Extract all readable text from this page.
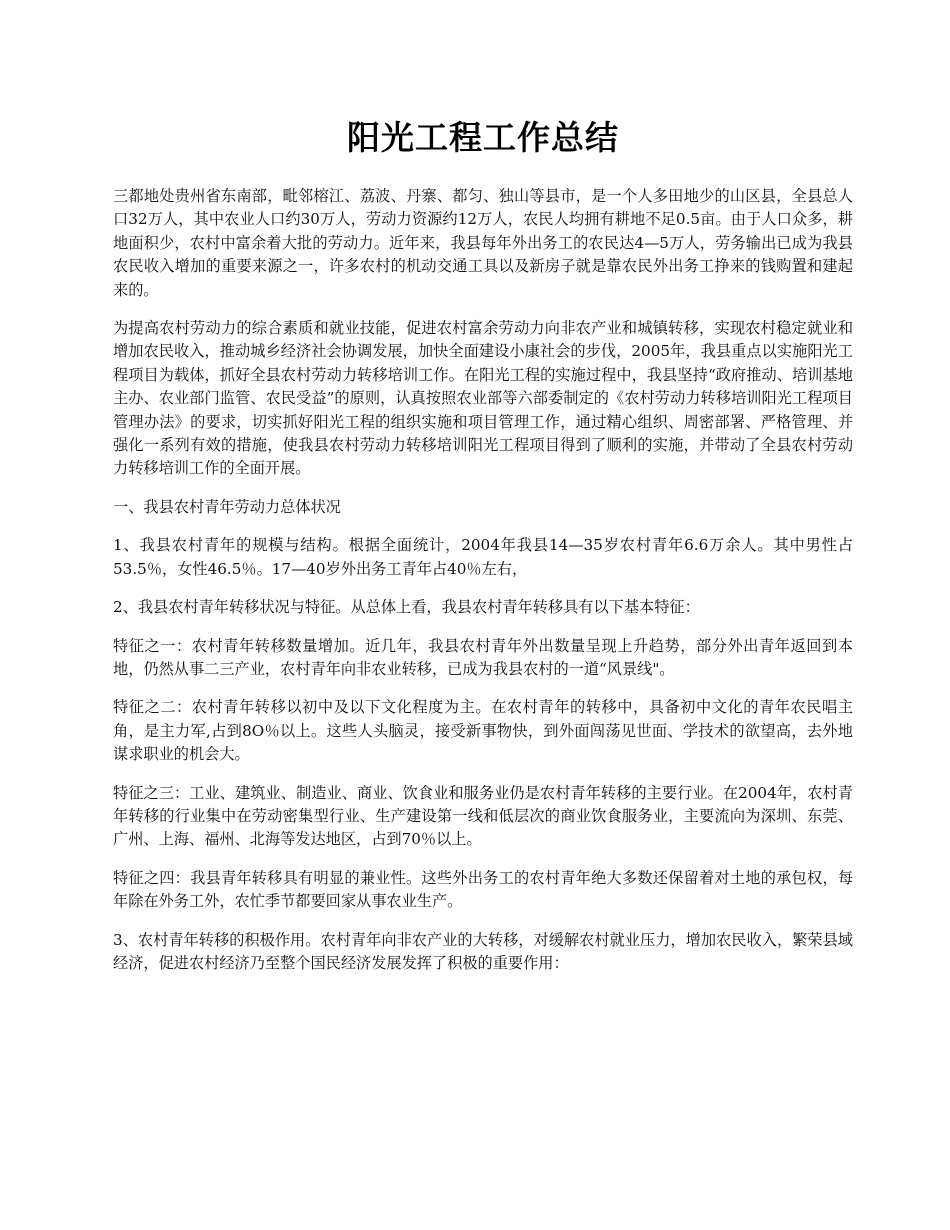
阳光工程工作总结

三都地处贵州省东南部，毗邻榕江、荔波、丹寨、都匀、独山等县市，是一个人多田地少的山区县，全县总人口32万人，其中农业人口约30万人，劳动力资源约12万人，农民人均拥有耕地不足0.5亩。由于人口众多，耕地面积少，农村中富余着大批的劳动力。近年来，我县每年外出务工的农民达4—5万人，劳务输出已成为我县农民收入增加的重要来源之一，许多农村的机动交通工具以及新房子就是靠农民外出务工挣来的钱购置和建起来的。

为提高农村劳动力的综合素质和就业技能，促进农村富余劳动力向非农产业和城镇转移，实现农村稳定就业和增加农民收入，推动城乡经济社会协调发展，加快全面建设小康社会的步伐，2005年，我县重点以实施阳光工程项目为载体，抓好全县农村劳动力转移培训工作。在阳光工程的实施过程中，我县坚持“政府推动、培训基地主办、农业部门监管、农民受益”的原则，认真按照农业部等六部委制定的《农村劳动力转移培训阳光工程项目管理办法》的要求，切实抓好阳光工程的组织实施和项目管理工作，通过精心组织、周密部署、严格管理、并强化一系列有效的措施，使我县农村劳动力转移培训阳光工程项目得到了顺利的实施，并带动了全县农村劳动力转移培训工作的全面开展。

一、我县农村青年劳动力总体状况

1、我县农村青年的规模与结构。根据全面统计，2004年我县14—35岁农村青年6.6万余人。其中男性占53.5％，女性46.5％。17—40岁外出务工青年占40％左右，

2、我县农村青年转移状况与特征。从总体上看，我县农村青年转移具有以下基本特征：

特征之一：农村青年转移数量增加。近几年，我县农村青年外出数量呈现上升趋势，部分外出青年返回到本地，仍然从事二三产业，农村青年向非农业转移，已成为我县农村的一道“风景线"。

特征之二：农村青年转移以初中及以下文化程度为主。在农村青年的转移中，具备初中文化的青年农民唱主角，是主力军,占到8O％以上。这些人头脑灵，接受新事物快，到外面闯荡见世面、学技术的欲望高，去外地谋求职业的机会大。

特征之三：工业、建筑业、制造业、商业、饮食业和服务业仍是农村青年转移的主要行业。在2004年，农村青年转移的行业集中在劳动密集型行业、生产建设第一线和低层次的商业饮食服务业，主要流向为深圳、东莞、广州、上海、福州、北海等发达地区，占到70％以上。

特征之四：我县青年转移具有明显的兼业性。这些外出务工的农村青年绝大多数还保留着对土地的承包权，每年除在外务工外，农忙季节都要回家从事农业生产。

3、农村青年转移的积极作用。农村青年向非农产业的大转移，对缓解农村就业压力，增加农民收入，繁荣县域经济，促进农村经济乃至整个国民经济发展发挥了积极的重要作用：
